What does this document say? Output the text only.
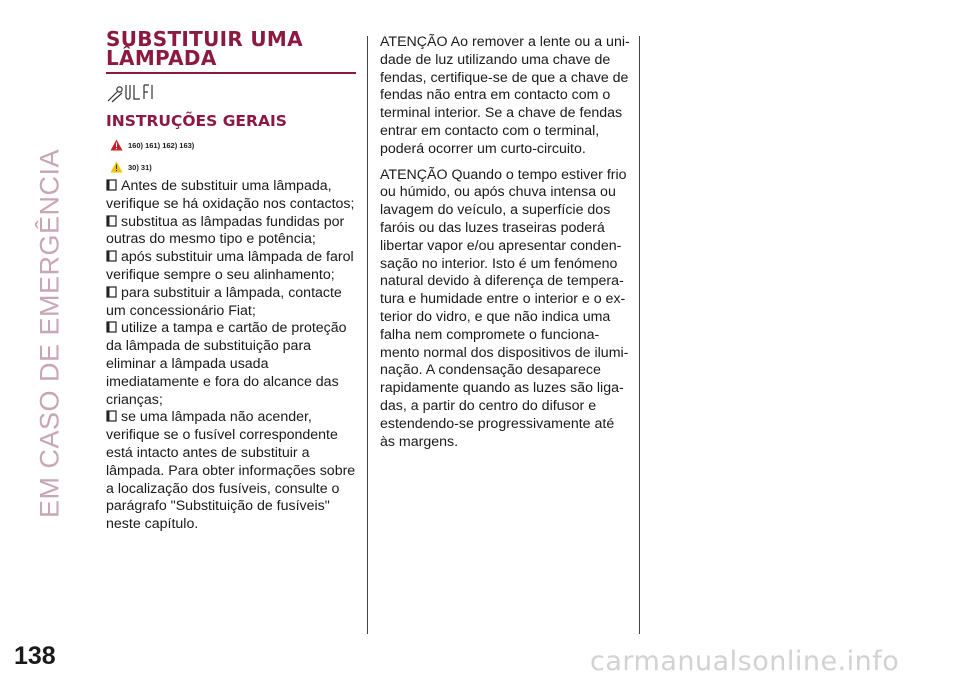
EM CASO DE EMERGÊNCIA
SUBSTITUIR UMA LÂMPADA
INSTRUÇÕES GERAIS
160) 161) 162) 163)
30) 31)

Antes de substituir uma lâmpada,
verifique se há oxidação nos contactos;

substitua as lâmpadas fundidas por
outras do mesmo tipo e potência;

após substituir uma lâmpada de farol
verifique sempre o seu alinhamento;

para substituir a lâmpada, contacte
um concessionário Fiat;

utilize a tampa e cartão de proteção
da lâmpada de substituição para
eliminar a lâmpada usada
imediatamente e fora do alcance das
crianças;

se uma lâmpada não acender,
verifique se o fusível correspondente
está intacto antes de substituir a
lâmpada. Para obter informações sobre
a localização dos fusíveis, consulte o
parágrafo "Substituição de fusíveis"
neste capítulo.

ATENÇÃO Ao remover a lente ou a uni-
dade de luz utilizando uma chave de
fendas, certifique-se de que a chave de
fendas não entra em contacto com o
terminal interior. Se a chave de fendas
entrar em contacto com o terminal,
poderá ocorrer um curto-circuito.

ATENÇÃO Quando o tempo estiver frio
ou húmido, ou após chuva intensa ou
lavagem do veículo, a superfície dos
faróis ou das luzes traseiras poderá
libertar vapor e/ou apresentar conden-
sação no interior. Isto é um fenómeno
natural devido à diferença de tempera-
tura e humidade entre o interior e o ex-
terior do vidro, e que não indica uma
falha nem compromete o funciona-
mento normal dos dispositivos de ilumi-
nação. A condensação desaparece
rapidamente quando as luzes são liga-
das, a partir do centro do difusor e
estendendo-se progressivamente até
às margens.

138	carmanualsonline.info
